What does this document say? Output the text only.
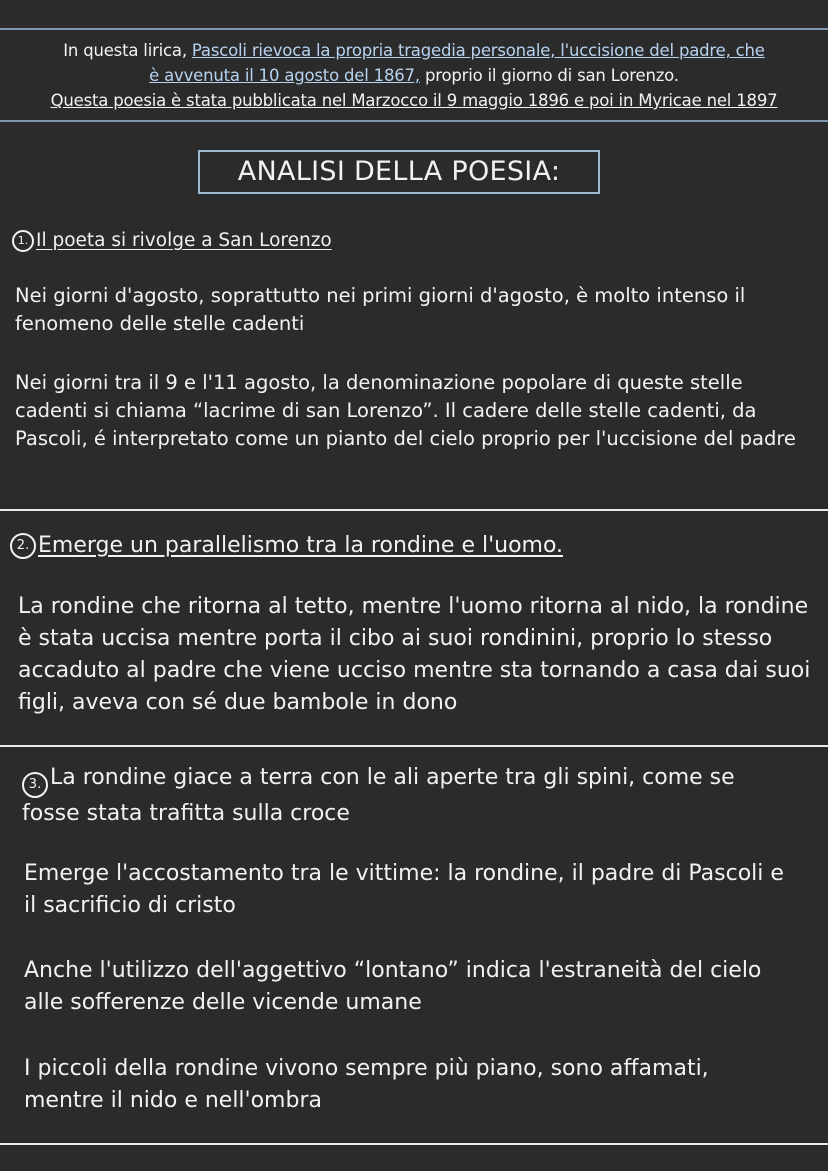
In questa lirica, Pascoli rievoca la propria tragedia personale, l'uccisione del padre, che
è avvenuta il 10 agosto del 1867, proprio il giorno di san Lorenzo.
Questa poesia è stata pubblicata nel Marzocco il 9 maggio 1896 e poi in Myricae nel 1897
ANALISI DELLA POESIA:
1. Il poeta si rivolge a San Lorenzo
Nei giorni d'agosto, soprattutto nei primi giorni d'agosto, è molto intenso il fenomeno delle stelle cadenti
Nei giorni tra il 9 e l'11 agosto, la denominazione popolare di queste stelle cadenti si chiama “lacrime di san Lorenzo”. Il cadere delle stelle cadenti, da Pascoli, é interpretato come un pianto del cielo proprio per l'uccisione del padre
2. Emerge un parallelismo tra la rondine e l'uomo.
La rondine che ritorna al tetto, mentre l'uomo ritorna al nido, la rondine è stata uccisa mentre porta il cibo ai suoi rondinini, proprio lo stesso accaduto al padre che viene ucciso mentre sta tornando a casa dai suoi figli, aveva con sé due bambole in dono
3. La rondine giace a terra con le ali aperte tra gli spini, come se fosse stata trafitta sulla croce
Emerge l'accostamento tra le vittime: la rondine, il padre di Pascoli e il sacrificio di cristo
Anche l'utilizzo dell'aggettivo “lontano” indica l'estraneità del cielo alle sofferenze delle vicende umane
I piccoli della rondine vivono sempre più piano, sono affamati, mentre il nido e nell'ombra
